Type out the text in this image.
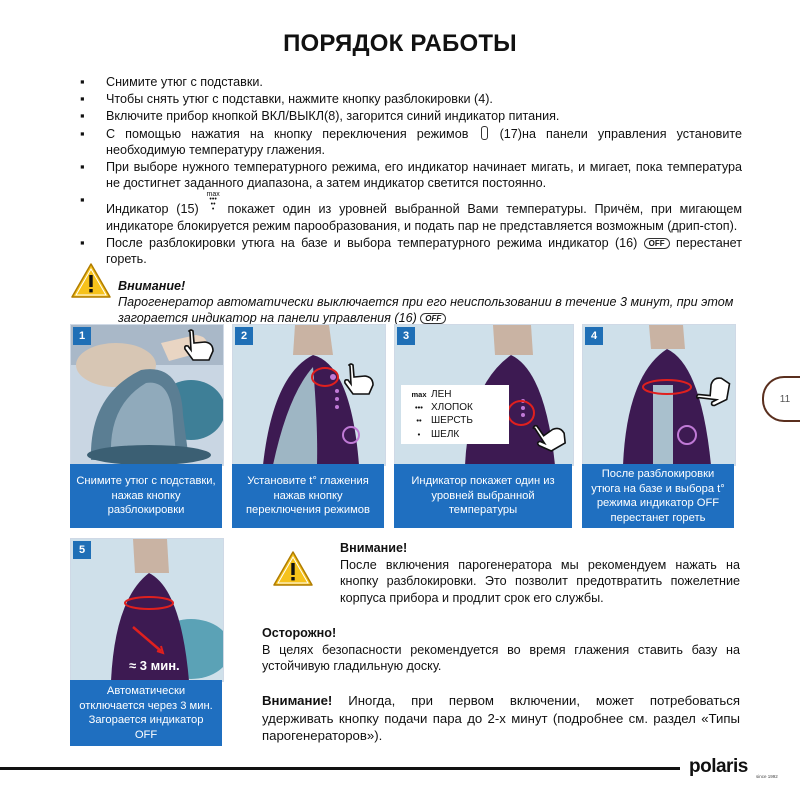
ПОРЯДОК РАБОТЫ
▪ Снимите утюг с подставки.
▪ Чтобы снять утюг с подставки, нажмите кнопку разблокировки (4).
▪ Включите прибор кнопкой ВКЛ/ВЫКЛ(8), загорится синий индикатор питания.
▪ С помощью нажатия на кнопку переключения режимов (17)на панели управления установите необходимую температуру глажения.
▪ При выборе нужного температурного режима, его индикатор начинает мигать, и мигает, пока температура не достигнет заданного диапазона, а затем индикатор светится постоянно.
▪ Индикатор (15) max
•••
••
• покажет один из уровней выбранной Вами температуры. Причём, при мигающем индикаторе блокируется режим парообразования, и подать пар не представляется возможным (дрип-стоп).
▪ После разблокировки утюга на базе и выбора температурного режима индикатор (16) OFF перестанет гореть.
Внимание!
Парогенератор автоматически выключается при его неиспользовании в течение 3 минут, при этом загорается индикатор на панели управления (16) OFF
1
Снимите утюг с подставки, нажав кнопку разблокировки
2
Установите t° глажения нажав кнопку переключения режимов
max ЛЕН
••• ХЛОПОК
•• ШЕРСТЬ
•	ШЕЛК
3
Индикатор покажет один из уровней выбранной температуры
4
После разблокировки утюга на базе и выбора t° режима индикатор OFF перестанет гореть
≈ 3 мин.
5
Автоматически отключается через 3 мин. Загорается индикатор OFF
Внимание!
После включения парогенератора мы рекомендуем нажать на кнопку разблокировки. Это позволит предотвратить пожелетние корпуса прибора и продлит срок его службы.
Осторожно!
В целях безопасности рекомендуется во время глажения ставить базу на устойчивую гладильную доску.
Внимание! Иногда, при первом включении, может потребоваться удерживать кнопку подачи пара до 2-х минут (подробнее см. раздел «Типы парогенераторов»).
11
polaris since 1992
